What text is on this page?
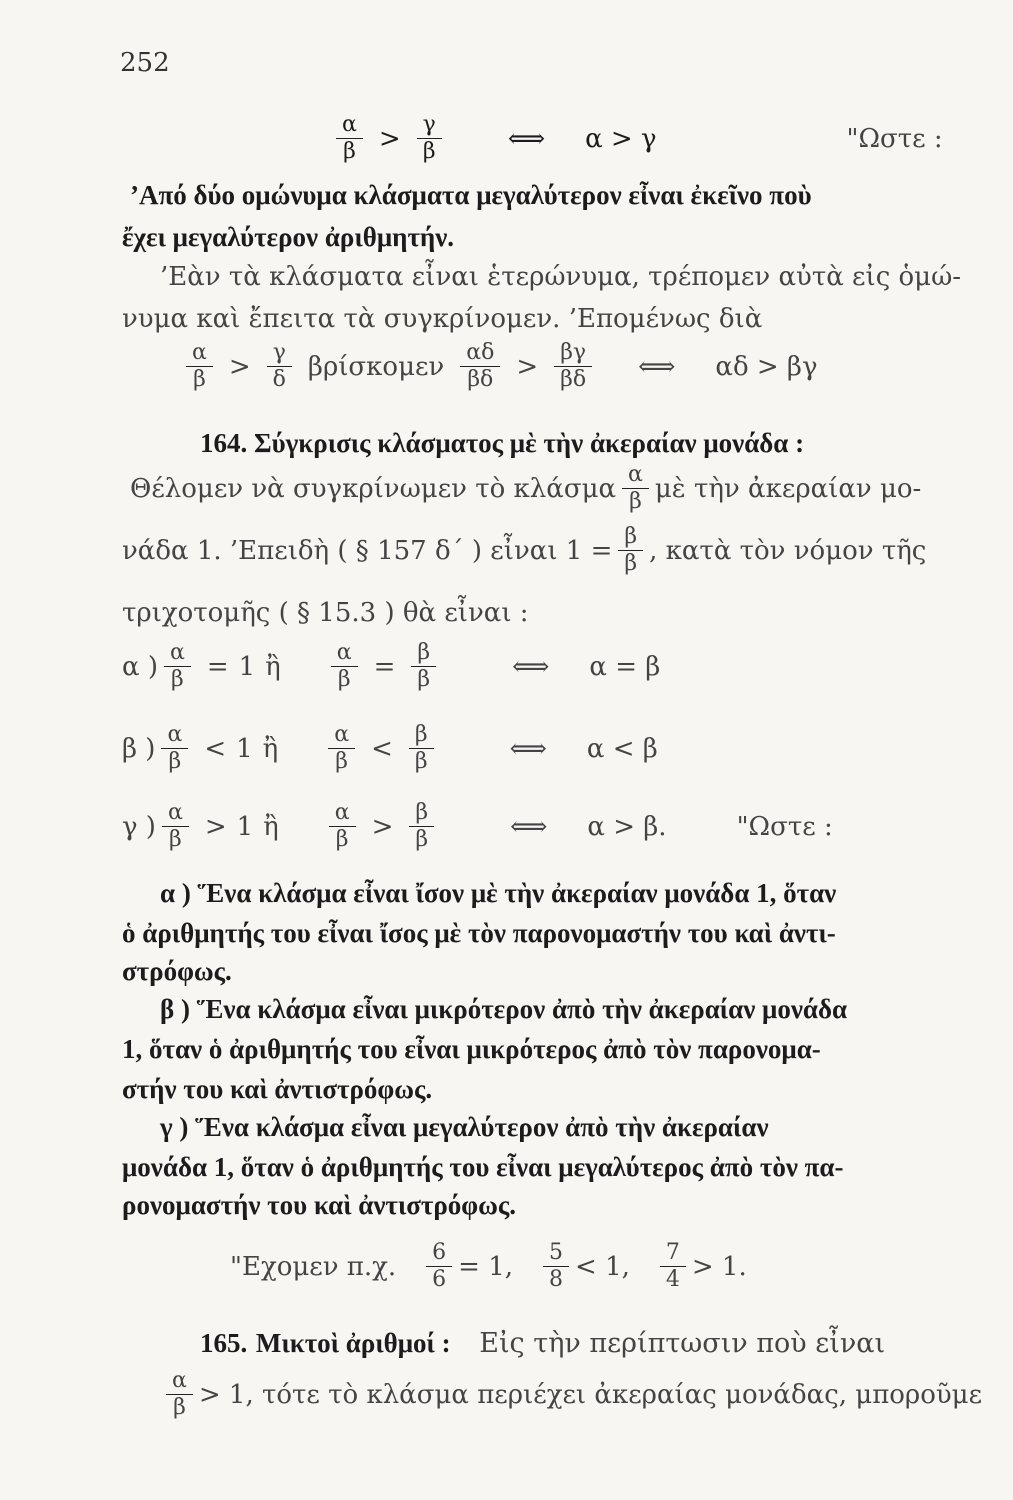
252
$\frac{\alpha}{\beta} > \frac{\gamma}{\beta}$	⟺ α > γ	"Ωστε :
’Από δύο ομώνυμα κλάσματα μεγαλύτερον εἶναι ἐκεῖνο ποὺ
ἔχει μεγαλύτερον ἀριθμητήν.
’Εὰν τὰ κλάσματα εἶναι ἑτερώνυμα, τρέπομεν αὐτὰ εἰς ὁμώ-
νυμα καὶ ἔπειτα τὰ συγκρίνομεν. ’Επομένως διὰ
$\frac{\alpha}{\beta} > \frac{\gamma}{\delta}$ βρίσκομεν $\frac{\alpha\delta}{\beta\delta} > \frac{\beta\gamma}{\beta\delta}$ ⟺ αδ > βγ
164. Σύγκρισις κλάσματος μὲ τὴν ἀκεραίαν μονάδα :
Θέλομεν νὰ συγκρίνωμεν τὸ κλάσμα $\frac{\alpha}{\beta}$ μὲ τὴν ἀκεραίαν μο-
νάδα 1. ’Επειδὴ ( § 157 δ΄ ) εἶναι $1 = \frac{\beta}{\beta}$ , κατὰ τὸν νόμον τῆς
τριχοτομῆς ( § 15.3 ) θὰ εἶναι :
α ) $\frac{\alpha}{\beta} = 1$ ἢ $\frac{\alpha}{\beta} = \frac{\beta}{\beta}$	⟺ α = β
β ) $\frac{\alpha}{\beta} < 1$ ἢ $\frac{\alpha}{\beta} < \frac{\beta}{\beta}$	⟺ α < β
γ ) $\frac{\alpha}{\beta} > 1$ ἢ $\frac{\alpha}{\beta} > \frac{\beta}{\beta}$	⟺ α > β.	"Ωστε :
α ) Ἕνα κλάσμα εἶναι ἴσον μὲ τὴν ἀκεραίαν μονάδα 1, ὅταν
ὁ ἀριθμητής του εἶναι ἴσος μὲ τὸν παρονομαστήν του καὶ ἀντι-
στρόφως.
β ) Ἕνα κλάσμα εἶναι μικρότερον ἀπὸ τὴν ἀκεραίαν μονάδα
1, ὅταν ὁ ἀριθμητής του εἶναι μικρότερος ἀπὸ τὸν παρονομα-
στήν του καὶ ἀντιστρόφως.
γ ) Ἕνα κλάσμα εἶναι μεγαλύτερον ἀπὸ τὴν ἀκεραίαν
μονάδα 1, ὅταν ὁ ἀριθμητής του εἶναι μεγαλύτερος ἀπὸ τὸν πα-
ρονομαστήν του καὶ ἀντιστρόφως.
"Εχομεν π.χ. $\frac{6}{6} = 1$, $\frac{5}{8} < 1$, $\frac{7}{4} > 1$.
165. Μικτοὶ ἀριθμοί : Εἰς τὴν περίπτωσιν ποὺ εἶναι
$\frac{\alpha}{\beta} > 1$, τότε τὸ κλάσμα περιέχει ἀκεραίας μονάδας, μποροῦμε
